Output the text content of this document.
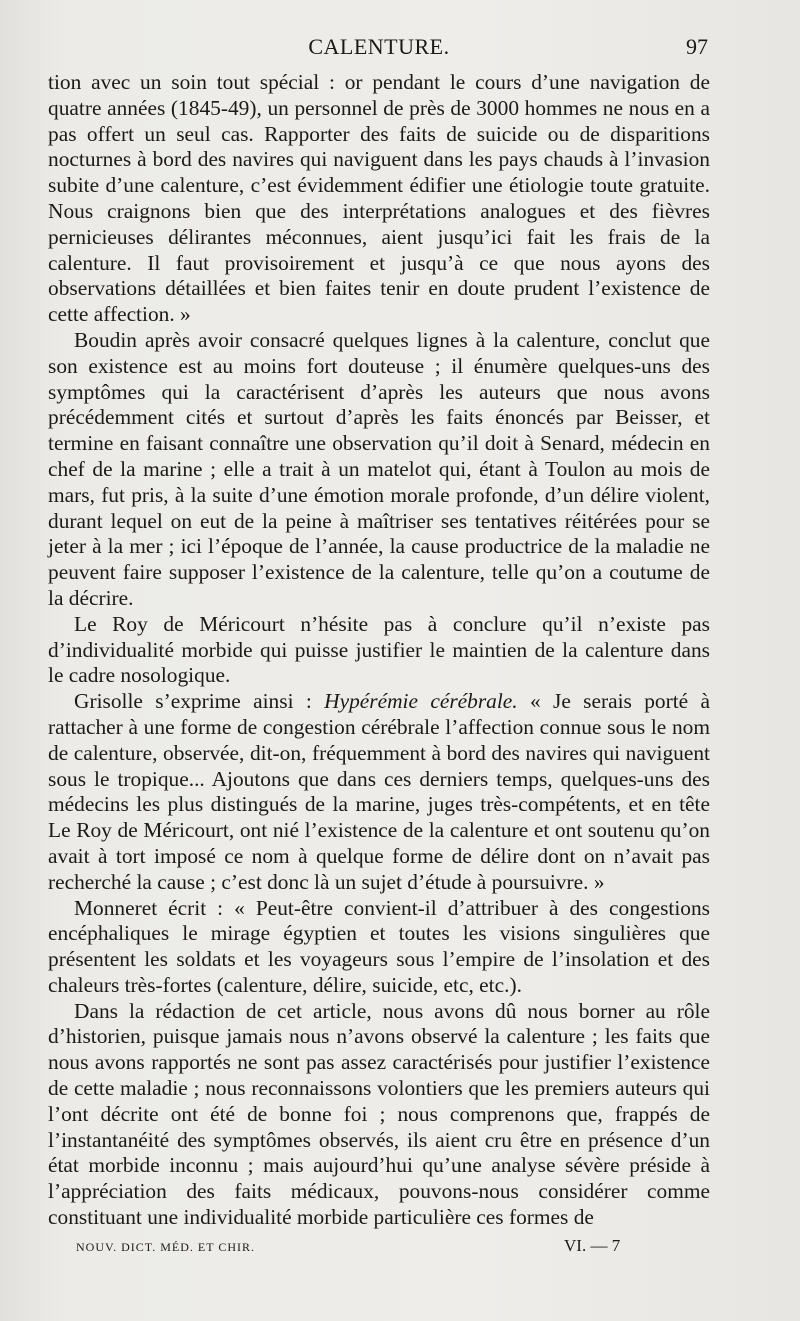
CALENTURE.	97

tion avec un soin tout spécial : or pendant le cours d’une navigation de quatre années (1845-49), un personnel de près de 3000 hommes ne nous en a pas offert un seul cas. Rapporter des faits de suicide ou de disparitions nocturnes à bord des navires qui naviguent dans les pays chauds à l’invasion subite d’une calenture, c’est évidemment édifier une étiologie toute gratuite. Nous craignons bien que des interprétations analogues et des fièvres pernicieuses délirantes méconnues, aient jusqu’ici fait les frais de la calenture. Il faut provisoirement et jusqu’à ce que nous ayons des observations détaillées et bien faites tenir en doute prudent l’existence de cette affection. »

Boudin après avoir consacré quelques lignes à la calenture, conclut que son existence est au moins fort douteuse ; il énumère quelques-uns des symptômes qui la caractérisent d’après les auteurs que nous avons précédemment cités et surtout d’après les faits énoncés par Beisser, et termine en faisant connaître une observation qu’il doit à Senard, médecin en chef de la marine ; elle a trait à un matelot qui, étant à Toulon au mois de mars, fut pris, à la suite d’une émotion morale profonde, d’un délire violent, durant lequel on eut de la peine à maîtriser ses tentatives réitérées pour se jeter à la mer ; ici l’époque de l’année, la cause productrice de la maladie ne peuvent faire supposer l’existence de la calenture, telle qu’on a coutume de la décrire.

Le Roy de Méricourt n’hésite pas à conclure qu’il n’existe pas d’individualité morbide qui puisse justifier le maintien de la calenture dans le cadre nosologique.

Grisolle s’exprime ainsi : Hypérémie cérébrale. « Je serais porté à rattacher à une forme de congestion cérébrale l’affection connue sous le nom de calenture, observée, dit-on, fréquemment à bord des navires qui naviguent sous le tropique... Ajoutons que dans ces derniers temps, quelques-uns des médecins les plus distingués de la marine, juges très-compétents, et en tête Le Roy de Méricourt, ont nié l’existence de la calenture et ont soutenu qu’on avait à tort imposé ce nom à quelque forme de délire dont on n’avait pas recherché la cause ; c’est donc là un sujet d’étude à poursuivre. »

Monneret écrit : « Peut-être convient-il d’attribuer à des congestions encéphaliques le mirage égyptien et toutes les visions singulières que présentent les soldats et les voyageurs sous l’empire de l’insolation et des chaleurs très-fortes (calenture, délire, suicide, etc, etc.).

Dans la rédaction de cet article, nous avons dû nous borner au rôle d’historien, puisque jamais nous n’avons observé la calenture ; les faits que nous avons rapportés ne sont pas assez caractérisés pour justifier l’existence de cette maladie ; nous reconnaissons volontiers que les premiers auteurs qui l’ont décrite ont été de bonne foi ; nous comprenons que, frappés de l’instantanéité des symptômes observés, ils aient cru être en présence d’un état morbide inconnu ; mais aujourd’hui qu’une analyse sévère préside à l’appréciation des faits médicaux, pouvons-nous considérer comme constituant une individualité morbide particulière ces formes de

NOUV. DICT. MÉD. ET CHIR.	VI. — 7
